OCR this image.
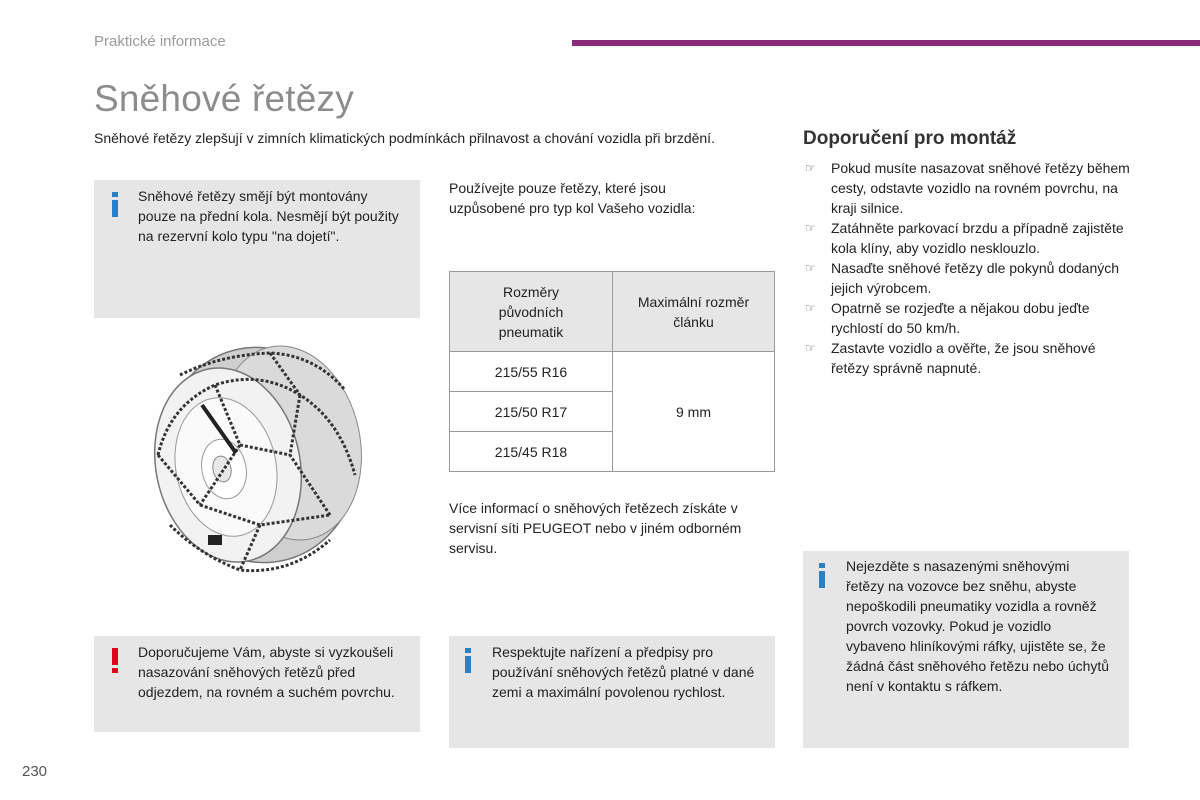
Praktické informace
Sněhové řetězy
Sněhové řetězy zlepšují v zimních klimatických podmínkách přilnavost a chování vozidla při brzdění.
Sněhové řetězy smějí být montovány pouze na přední kola. Nesmějí být použity na rezervní kolo typu "na dojetí".
Používejte pouze řetězy, které jsou uzpůsobené pro typ kol Vašeho vozidla:
Rozměry původních pneumatik	Maximální rozměr článku
215/55 R16	9 mm
215/50 R17	
215/45 R18	
Více informací o sněhových řetězech získáte v servisní síti PEUGEOT nebo v jiném odborném servisu.
Doporučujeme Vám, abyste si vyzkoušeli nasazování sněhových řetězů před odjezdem, na rovném a suchém povrchu.
Respektujte nařízení a předpisy pro používání sněhových řetězů platné v dané zemi a maximální povolenou rychlost.
Doporučení pro montáž
☞ Pokud musíte nasazovat sněhové řetězy během cesty, odstavte vozidlo na rovném povrchu, na kraji silnice.
☞ Zatáhněte parkovací brzdu a případně zajistěte kola klíny, aby vozidlo nesklouzlo.
☞ Nasaďte sněhové řetězy dle pokynů dodaných jejich výrobcem.
☞ Opatrně se rozjeďte a nějakou dobu jeďte rychlostí do 50 km/h.
☞ Zastavte vozidlo a ověřte, že jsou sněhové řetězy správně napnuté.
Nejezděte s nasazenými sněhovými řetězy na vozovce bez sněhu, abyste nepoškodili pneumatiky vozidla a rovněž povrch vozovky. Pokud je vozidlo vybaveno hliníkovými ráfky, ujistěte se, že žádná část sněhového řetězu nebo úchytů není v kontaktu s ráfkem.
230
